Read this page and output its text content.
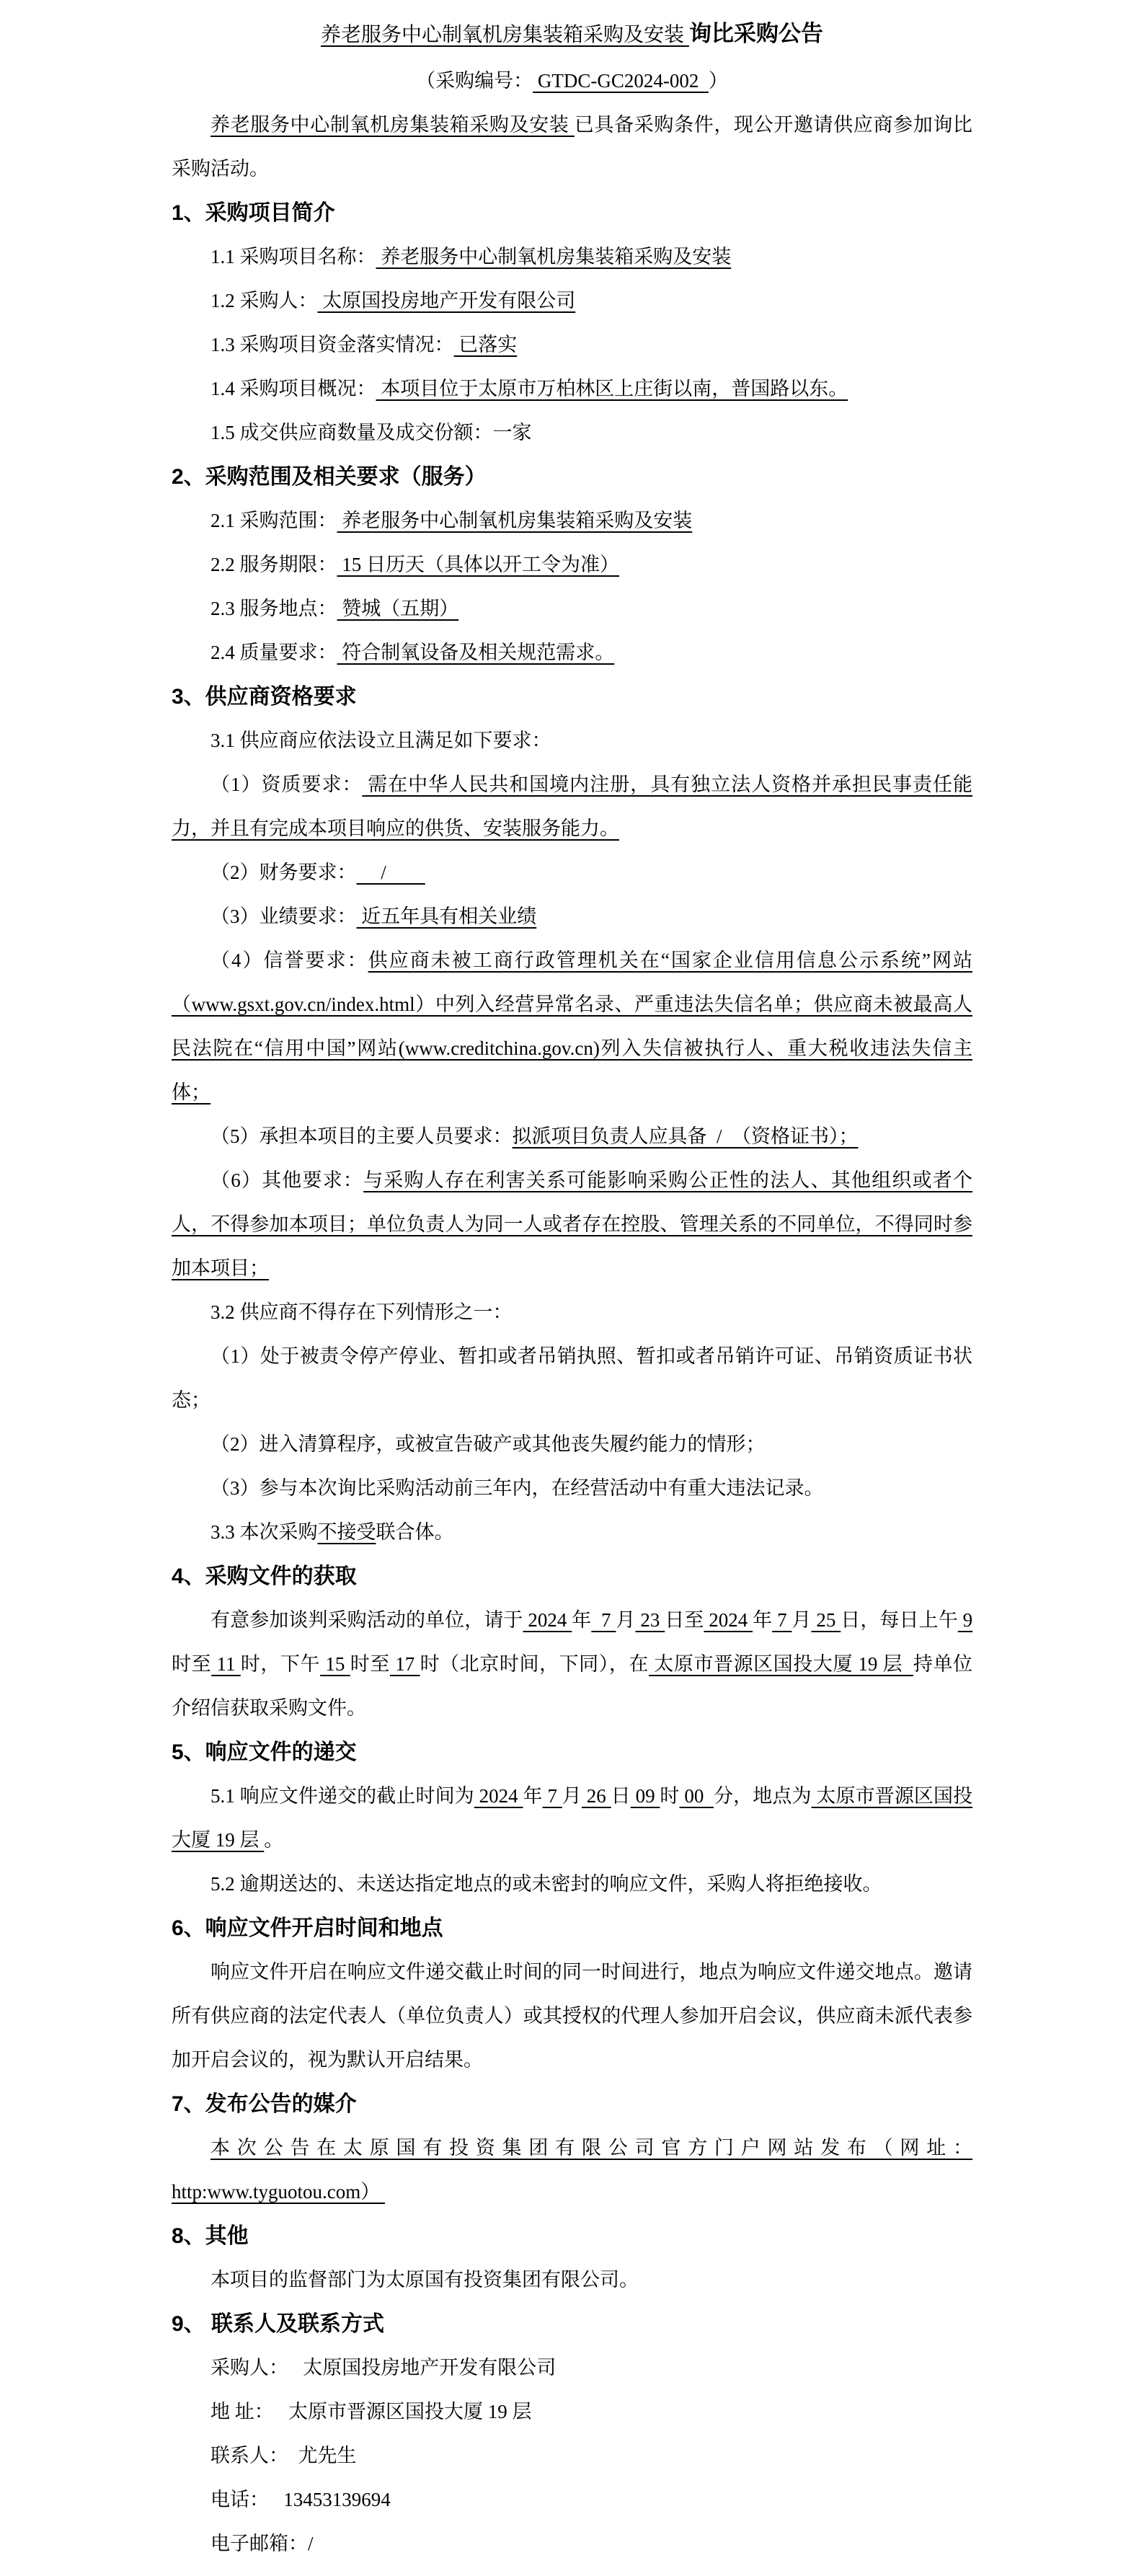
养老服务中心制氧机房集装箱采购及安装 询比采购公告

（采购编号： GTDC-GC2024-002  ）

养老服务中心制氧机房集装箱采购及安装 已具备采购条件，现公开邀请供应商参加询比采购活动。

1、采购项目简介

1.1 采购项目名称： 养老服务中心制氧机房集装箱采购及安装

1.2 采购人： 太原国投房地产开发有限公司

1.3 采购项目资金落实情况： 已落实

1.4 采购项目概况： 本项目位于太原市万柏林区上庄街以南，普国路以东。

1.5 成交供应商数量及成交份额：一家

2、采购范围及相关要求（服务）

2.1 采购范围： 养老服务中心制氧机房集装箱采购及安装

2.2 服务期限： 15 日历天（具体以开工令为准）

2.3 服务地点： 赞城（五期）

2.4 质量要求： 符合制氧设备及相关规范需求。

3、供应商资格要求

3.1 供应商应依法设立且满足如下要求：

（1）资质要求： 需在中华人民共和国境内注册，具有独立法人资格并承担民事责任能力，并且有完成本项目响应的供货、安装服务能力。

（2）财务要求：     /

（3）业绩要求： 近五年具有相关业绩

（4）信誉要求：供应商未被工商行政管理机关在“国家企业信用信息公示系统”网站（www.gsxt.gov.cn/index.html）中列入经营异常名录、严重违法失信名单；供应商未被最高人民法院在“信用中国”网站(www.creditchina.gov.cn)列入失信被执行人、重大税收违法失信主体；

（5）承担本项目的主要人员要求：拟派项目负责人应具备  /  （资格证书）；

（6）其他要求：与采购人存在利害关系可能影响采购公正性的法人、其他组织或者个人，不得参加本项目；单位负责人为同一人或者存在控股、管理关系的不同单位，不得同时参加本项目；

3.2 供应商不得存在下列情形之一：

（1）处于被责令停产停业、暂扣或者吊销执照、暂扣或者吊销许可证、吊销资质证书状态；

（2）进入清算程序，或被宣告破产或其他丧失履约能力的情形；

（3）参与本次询比采购活动前三年内，在经营活动中有重大违法记录。

3.3 本次采购不接受联合体。

4、采购文件的获取

有意参加谈判采购活动的单位，请于 2024 年  7 月 23 日至 2024 年 7 月 25 日，每日上午 9 时至 11 时，下午 15 时至 17 时（北京时间，下同），在 太原市晋源区国投大厦 19 层  持单位介绍信获取采购文件。

5、响应文件的递交

5.1 响应文件递交的截止时间为 2024 年 7 月 26 日 09 时 00  分，地点为 太原市晋源区国投大厦 19 层 。

5.2 逾期送达的、未送达指定地点的或未密封的响应文件，采购人将拒绝接收。

6、响应文件开启时间和地点

响应文件开启在响应文件递交截止时间的同一时间进行，地点为响应文件递交地点。邀请所有供应商的法定代表人（单位负责人）或其授权的代理人参加开启会议，供应商未派代表参加开启会议的，视为默认开启结果。

7、发布公告的媒介

本次公告在太原国有投资集团有限公司官方门户网站发布（网址：http:www.tyguotou.com）

8、其他

本项目的监督部门为太原国有投资集团有限公司。

9、 联系人及联系方式

采购人：   太原国投房地产开发有限公司

地 址：   太原市晋源区国投大厦 19 层

联系人：  尤先生

电话：   13453139694

电子邮箱：/
